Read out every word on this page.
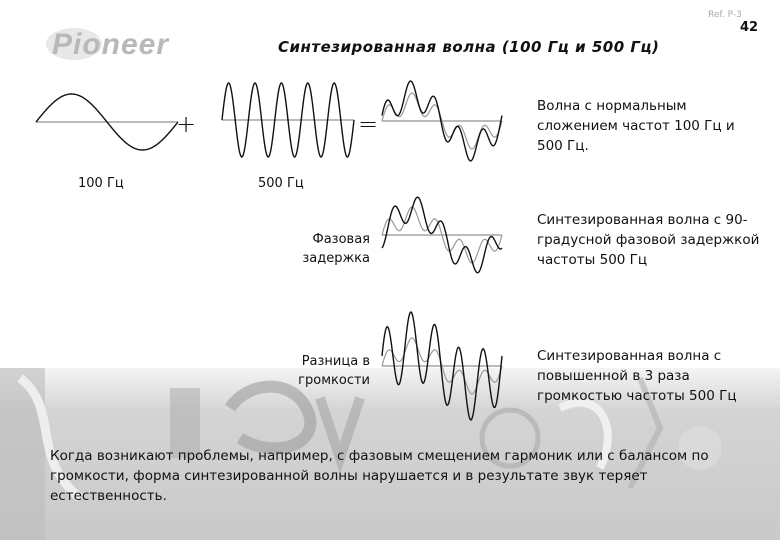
Pioneer
Ref. P-3
42
Синтезированная волна (100 Гц и 500 Гц)
+	=
100 Гц	500 Гц
Волна с нормальным сложением частот 100 Гц и 500 Гц.
Фазовая задержка
Синтезированная волна с 90-градусной фазовой задержкой частоты 500 Гц
Разница в громкости
Синтезированная волна с повышенной в 3 раза громкостью частоты 500 Гц
Когда возникают проблемы, например, с фазовым смещением гармоник или с балансом по громкости, форма синтезированной волны нарушается и в результате звук теряет естественность.
